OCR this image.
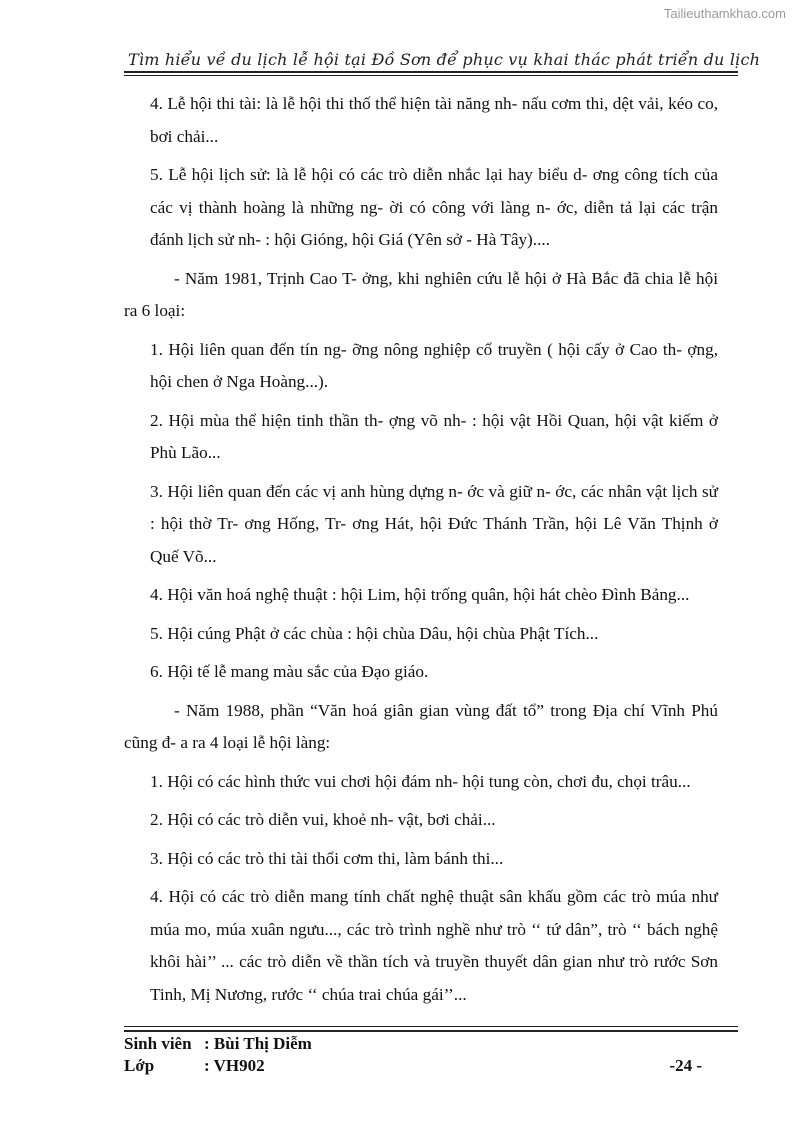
Tailieuthamkhao.com
Tìm hiểu về du lịch lễ hội tại Đồ Sơn để phục vụ khai thác phát triển du lịch

4. Lễ hội thi tài: là lễ hội thi thố thể hiện tài năng nh- nấu cơm thi, dệt vải, kéo co, bơi chải...

5. Lễ hội lịch sử: là lễ hội có các trò diễn nhắc lại hay biểu d- ơng công tích của các vị thành hoàng là những ng- ời có công với làng n- ớc, diễn tả lại các trận đánh lịch sử nh- : hội Gióng, hội Giá (Yên sở - Hà Tây)....

- Năm 1981, Trịnh Cao T- ởng, khi nghiên cứu lễ hội ở Hà Bắc đã chia lễ hội ra 6 loại:

1. Hội liên quan đến tín ng- ỡng nông nghiệp cổ truyền ( hội cấy ở Cao th- ợng, hội chen ở Nga Hoàng...).

2. Hội mùa thể hiện tinh thần th- ợng võ nh- : hội vật Hồi Quan, hội vật kiếm ở Phù Lão...

3. Hội liên quan đến các vị anh hùng dựng n- ớc và giữ n- ớc, các nhân vật lịch sử : hội thờ Tr- ơng Hống, Tr- ơng Hát, hội Đức Thánh Trần, hội Lê Văn Thịnh ở Quế Võ...

4. Hội văn hoá nghệ thuật : hội Lim, hội trống quân, hội hát chèo Đình Bảng...

5. Hội cúng Phật ở các chùa : hội chùa Dâu, hội chùa Phật Tích...

6. Hội tế lễ mang màu sắc của Đạo giáo.

- Năm 1988, phần “Văn hoá giân gian vùng đất tổ” trong Địa chí Vĩnh Phú cũng đ- a ra 4 loại lễ hội làng:

1. Hội có các hình thức vui chơi hội đám nh- hội tung còn, chơi đu, chọi trâu...

2. Hội có các trò diễn vui, khoẻ nh- vật, bơi chải...

3. Hội có các trò thi tài thổi cơm thi, làm bánh thi...

4. Hội có các trò diễn mang tính chất nghệ thuật sân khấu gồm các trò múa như múa mo, múa xuân ngưu..., các trò trình nghề như trò ‘‘ tứ dân”, trò ‘‘ bách nghệ khôi hài’’ ... các trò diễn về thần tích và truyền thuyết dân gian như trò rước Sơn Tinh, Mị Nương, rước ‘‘ chúa trai chúa gái’’...

Sinh viên : Bùi Thị Diễm
Lớp	: VH902	-24 -
